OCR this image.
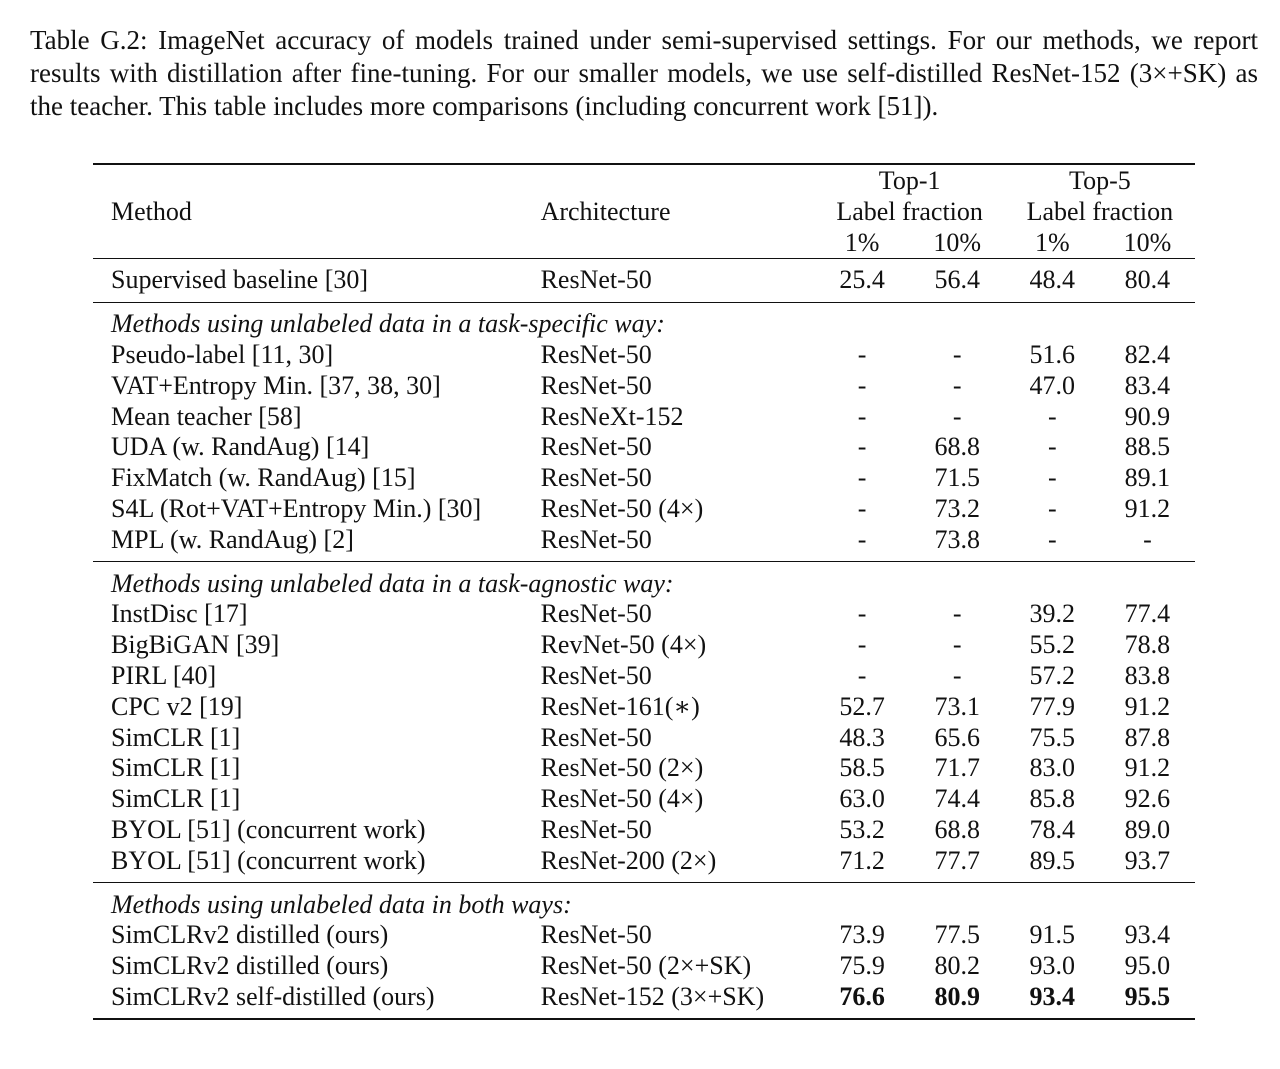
Table G.2: ImageNet accuracy of models trained under semi-supervised settings. For our methods, we report results with distillation after fine-tuning. For our smaller models, we use self-distilled ResNet-152 (3×+SK) as the teacher. This table includes more comparisons (including concurrent work [51]).
		Top-1		Top-5	
Method	Architecture	Label fraction		Label fraction	
		1%	10%	1%	10%
Supervised baseline [30]	ResNet-50	25.4	56.4	48.4	80.4
Methods using unlabeled data in a task-specific way:					
Pseudo-label [11, 30]	ResNet-50	-	-	51.6	82.4
VAT+Entropy Min. [37, 38, 30]	ResNet-50	-	-	47.0	83.4
Mean teacher [58]	ResNeXt-152	-	-	-	90.9
UDA (w. RandAug) [14]	ResNet-50	-	68.8	-	88.5
FixMatch (w. RandAug) [15]	ResNet-50	-	71.5	-	89.1
S4L (Rot+VAT+Entropy Min.) [30]	ResNet-50 (4×)	-	73.2	-	91.2
MPL (w. RandAug) [2]	ResNet-50	-	73.8	-	-
Methods using unlabeled data in a task-agnostic way:					
InstDisc [17]	ResNet-50	-	-	39.2	77.4
BigBiGAN [39]	RevNet-50 (4×)	-	-	55.2	78.8
PIRL [40]	ResNet-50	-	-	57.2	83.8
CPC v2 [19]	ResNet-161(∗)	52.7	73.1	77.9	91.2
SimCLR [1]	ResNet-50	48.3	65.6	75.5	87.8
SimCLR [1]	ResNet-50 (2×)	58.5	71.7	83.0	91.2
SimCLR [1]	ResNet-50 (4×)	63.0	74.4	85.8	92.6
BYOL [51] (concurrent work)	ResNet-50	53.2	68.8	78.4	89.0
BYOL [51] (concurrent work)	ResNet-200 (2×)	71.2	77.7	89.5	93.7
Methods using unlabeled data in both ways:					
SimCLRv2 distilled (ours)	ResNet-50	73.9	77.5	91.5	93.4
SimCLRv2 distilled (ours)	ResNet-50 (2×+SK)	75.9	80.2	93.0	95.0
SimCLRv2 self-distilled (ours)	ResNet-152 (3×+SK)	76.6	80.9	93.4	95.5
